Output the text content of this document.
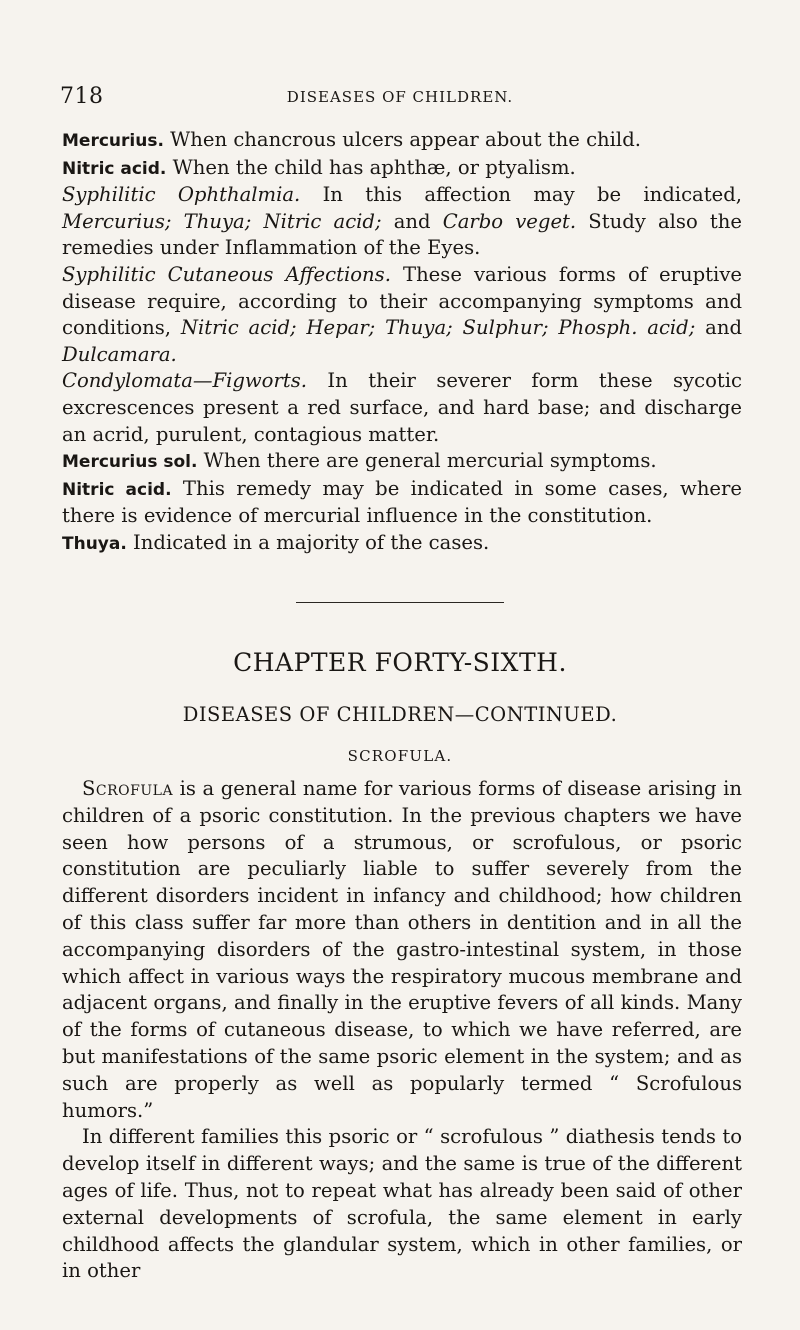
718	DISEASES OF CHILDREN.

Mercurius. When chancrous ulcers appear about the child.

Nitric acid. When the child has aphthæ, or ptyalism.

Syphilitic Ophthalmia. In this affection may be indicated, Mercurius; Thuya; Nitric acid; and Carbo veget. Study also the remedies under Inflammation of the Eyes.

Syphilitic Cutaneous Affections. These various forms of eruptive disease require, according to their accompanying symptoms and conditions, Nitric acid; Hepar; Thuya; Sulphur; Phosph. acid; and Dulcamara.

Condylomata—Figworts. In their severer form these sycotic excrescences present a red surface, and hard base; and discharge an acrid, purulent, contagious matter.

Mercurius sol. When there are general mercurial symptoms.

Nitric acid. This remedy may be indicated in some cases, where there is evidence of mercurial influence in the constitution.

Thuya. Indicated in a majority of the cases.

CHAPTER FORTY-SIXTH.
DISEASES OF CHILDREN—CONTINUED.
SCROFULA.

Scrofula is a general name for various forms of disease arising in children of a psoric constitution. In the previous chapters we have seen how persons of a strumous, or scrofulous, or psoric constitution are peculiarly liable to suffer severely from the different disorders incident in infancy and childhood; how children of this class suffer far more than others in dentition and in all the accompanying disorders of the gastro-intestinal system, in those which affect in various ways the respiratory mucous membrane and adjacent organs, and finally in the eruptive fevers of all kinds. Many of the forms of cutaneous disease, to which we have referred, are but manifestations of the same psoric element in the system; and as such are properly as well as popularly termed “ Scrofulous humors.”

In different families this psoric or “ scrofulous ” diathesis tends to develop itself in different ways; and the same is true of the different ages of life. Thus, not to repeat what has already been said of other external developments of scrofula, the same element in early childhood affects the glandular system, which in other families, or in other
